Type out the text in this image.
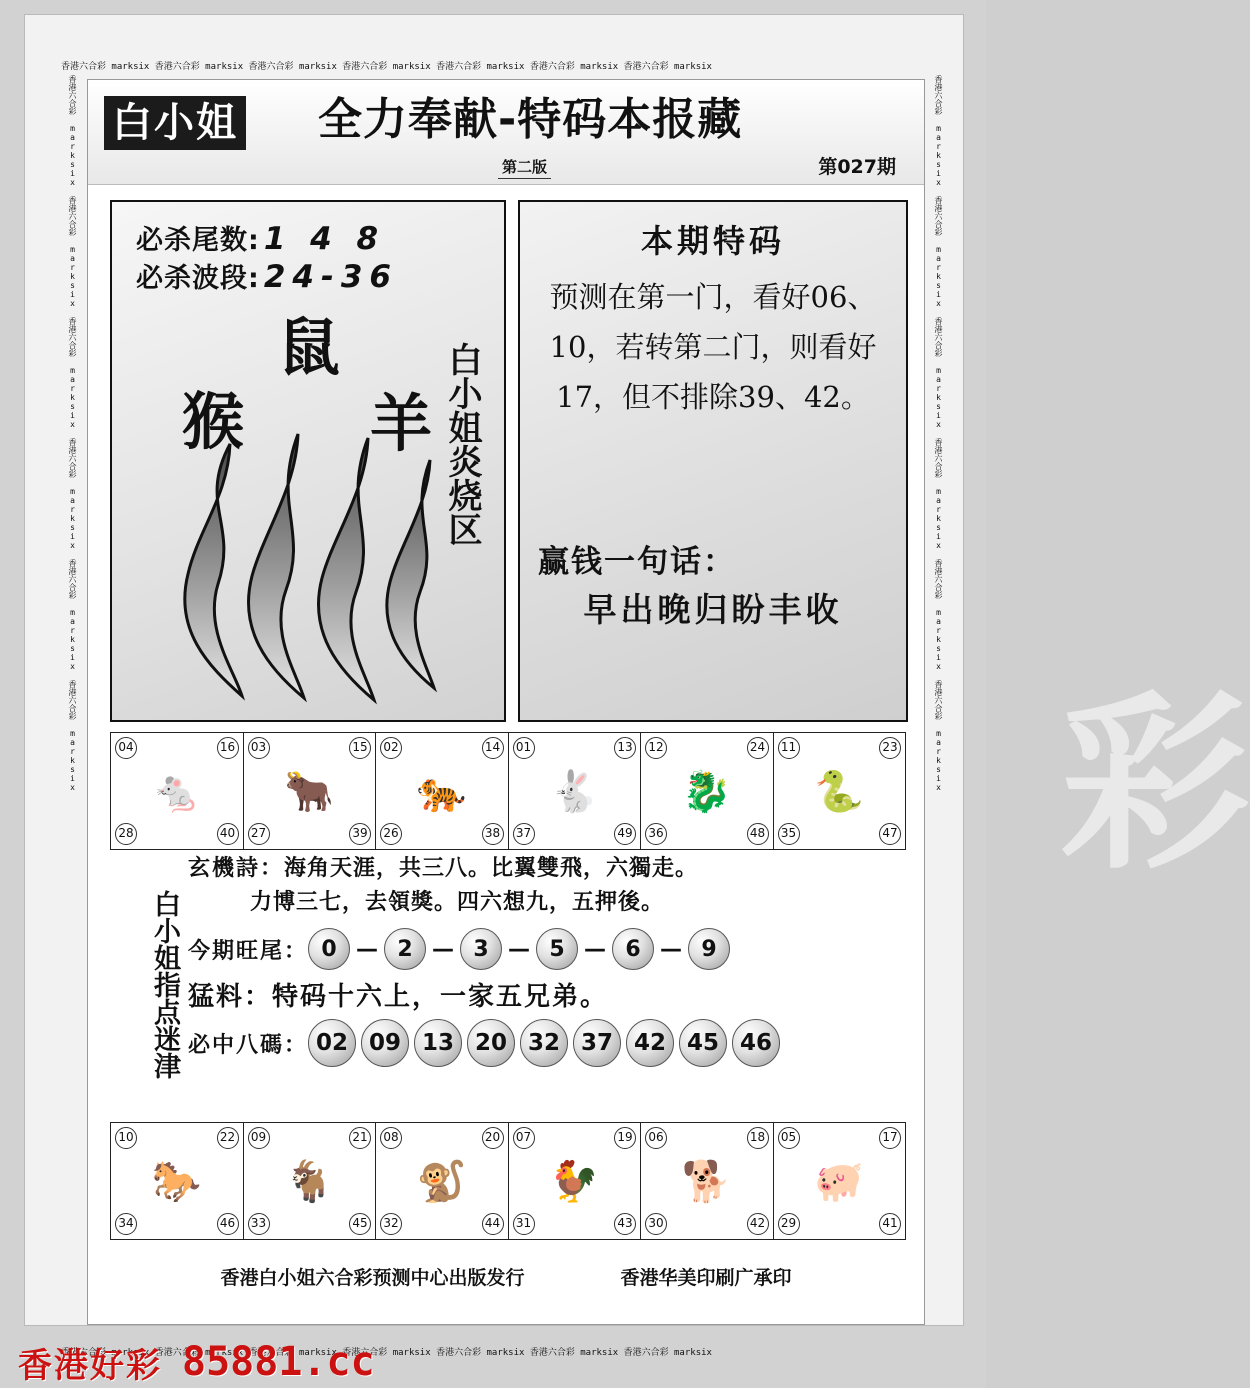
香港六合彩 marksix 香港六合彩 marksix 香港六合彩 marksix 香港六合彩 marksix 香港六合彩 marksix 香港六合彩 marksix 香港六合彩 marksix
香港六合彩 marksix 香港六合彩 marksix 香港六合彩 marksix 香港六合彩 marksix 香港六合彩 marksix 香港六合彩 marksix 香港六合彩 marksix
香港六合彩 marksix 香港六合彩 marksix 香港六合彩 marksix 香港六合彩 marksix 香港六合彩 marksix 香港六合彩 marksix	香港六合彩 marksix 香港六合彩 marksix 香港六合彩 marksix 香港六合彩 marksix 香港六合彩 marksix 香港六合彩 marksix
白小姐 全力奉献-特码本报藏
第二版	第027期
必杀尾数: 1 4 8
必杀波段: 24-36
鼠
猴 羊 白小姐炎烧区
彩
本期特码
预测在第一门，看好06、10，若转第二门，则看好17，但不排除39、42。
赢钱一句话：
早出晚归盼丰收
04	16
28	40
🐁
03	15
27	39
🐂
02	14
26	38
🐅
01	13
37	49
🐇
12	24
36	48
🐉
11	23
35	47
🐍
白小姐指点迷津
玄機詩：海角天涯，共三八。比翼雙飛，六獨走。
力博三七，去領獎。四六想九，五押後。
今期旺尾： 0 — 2 — 3 — 5 — 6 — 9
猛料：特码十六上，一家五兄弟。
必中八碼： 02 09 13 20 32 37 42 45 46
10	22
34	46
🐎
09	21
33	45
🐐
08	20
32	44
🐒
07	19
31	43
🐓
06	18
30	42
🐕
05	17
29	41
🐖
香港白小姐六合彩预测中心出版发行	香港华美印刷广承印
香港好彩 85881.cc
